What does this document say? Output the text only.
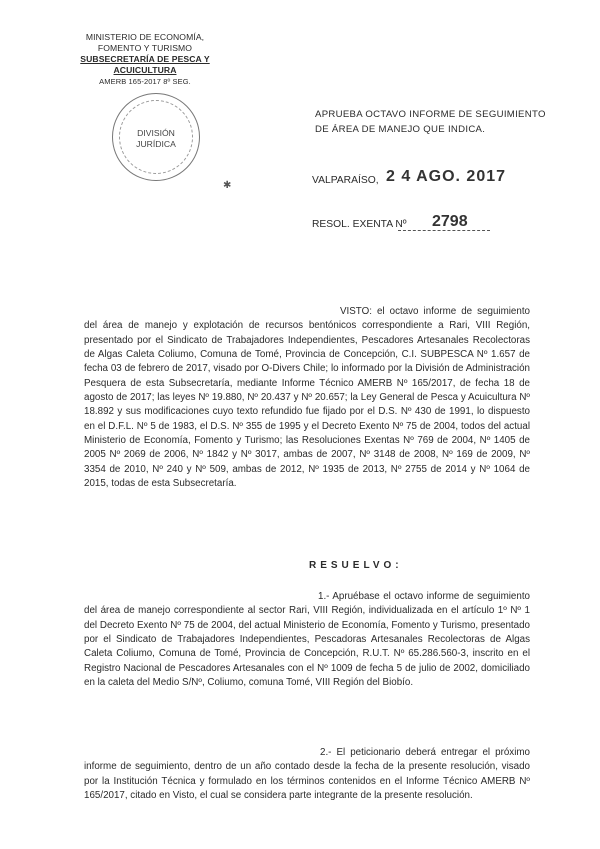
MINISTERIO DE ECONOMÍA,
FOMENTO Y TURISMO
SUBSECRETARÍA DE PESCA Y ACUICULTURA
AMERB 165-2017 8º SEG.
DIVISIÓN
JURÍDICA
✱
APRUEBA OCTAVO INFORME DE SEGUIMIENTO
DE ÁREA DE MANEJO QUE INDICA.
VALPARAÍSO, 2 4 AGO. 2017
RESOL. EXENTA Nº 2798
VISTO: el octavo informe de seguimiento del área de manejo y explotación de recursos bentónicos correspondiente a Rari, VIII Región, presentado por el Sindicato de Trabajadores Independientes, Pescadores Artesanales Recolectoras de Algas Caleta Coliumo, Comuna de Tomé, Provincia de Concepción, C.I. SUBPESCA Nº 1.657 de fecha 03 de febrero de 2017, visado por O-Divers Chile; lo informado por la División de Administración Pesquera de esta Subsecretaría, mediante Informe Técnico AMERB Nº 165/2017, de fecha 18 de agosto de 2017; las leyes Nº 19.880, Nº 20.437 y Nº 20.657; la Ley General de Pesca y Acuicultura Nº 18.892 y sus modificaciones cuyo texto refundido fue fijado por el D.S. Nº 430 de 1991, lo dispuesto en el D.F.L. Nº 5 de 1983, el D.S. Nº 355 de 1995 y el Decreto Exento Nº 75 de 2004, todos del actual Ministerio de Economía, Fomento y Turismo; las Resoluciones Exentas Nº 769 de 2004, Nº 1405 de 2005 Nº 2069 de 2006, Nº 1842 y Nº 3017, ambas de 2007, Nº 3148 de 2008, Nº 169 de 2009, Nº 3354 de 2010, Nº 240 y Nº 509, ambas de 2012, Nº 1935 de 2013, Nº 2755 de 2014 y Nº 1064 de 2015, todas de esta Subsecretaría.
RESUELVO:
1.- Apruébase el octavo informe de seguimiento del área de manejo correspondiente al sector Rari, VIII Región, individualizada en el artículo 1º Nº 1 del Decreto Exento Nº 75 de 2004, del actual Ministerio de Economía, Fomento y Turismo, presentado por el Sindicato de Trabajadores Independientes, Pescadoras Artesanales Recolectoras de Algas Caleta Coliumo, Comuna de Tomé, Provincia de Concepción, R.U.T. Nº 65.286.560-3, inscrito en el Registro Nacional de Pescadores Artesanales con el Nº 1009 de fecha 5 de julio de 2002, domiciliado en la caleta del Medio S/Nº, Coliumo, comuna Tomé, VIII Región del Biobío.
2.- El peticionario deberá entregar el próximo informe de seguimiento, dentro de un año contado desde la fecha de la presente resolución, visado por la Institución Técnica y formulado en los términos contenidos en el Informe Técnico AMERB Nº 165/2017, citado en Visto, el cual se considera parte integrante de la presente resolución.
